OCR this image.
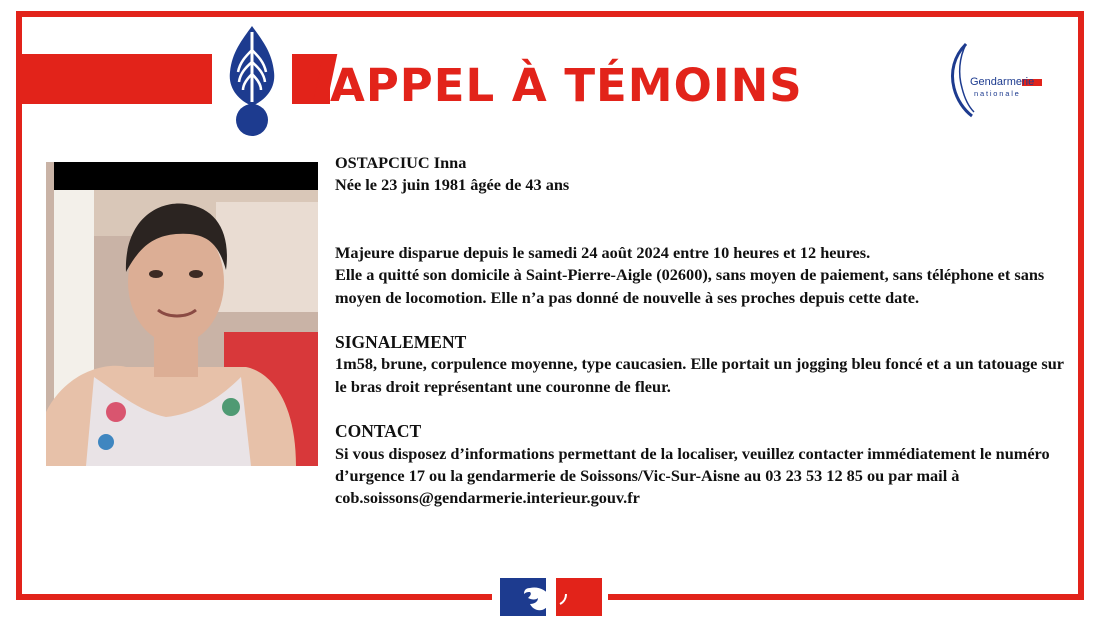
APPEL À TÉMOINS	Gendarmerie
nationale

OSTAPCIUC Inna

Née le 23 juin 1981 âgée de 43 ans

Majeure disparue depuis le samedi 24 août 2024 entre 10 heures et 12 heures.

Elle a quitté son domicile à Saint-Pierre-Aigle (02600), sans moyen de paiement, sans téléphone et sans moyen de locomotion. Elle n’a pas donné de nouvelle à ses proches depuis cette date.

SIGNALEMENT

1m58, brune, corpulence moyenne, type caucasien. Elle portait un jogging bleu foncé et a un tatouage sur le bras droit représentant une couronne de fleur.

CONTACT

Si vous disposez d’informations permettant de la localiser, veuillez contacter immédiatement le numéro d’urgence 17 ou la gendarmerie de Soissons/Vic-Sur-Aisne au 03 23 53 12 85 ou par mail à cob.soissons@gendarmerie.interieur.gouv.fr
